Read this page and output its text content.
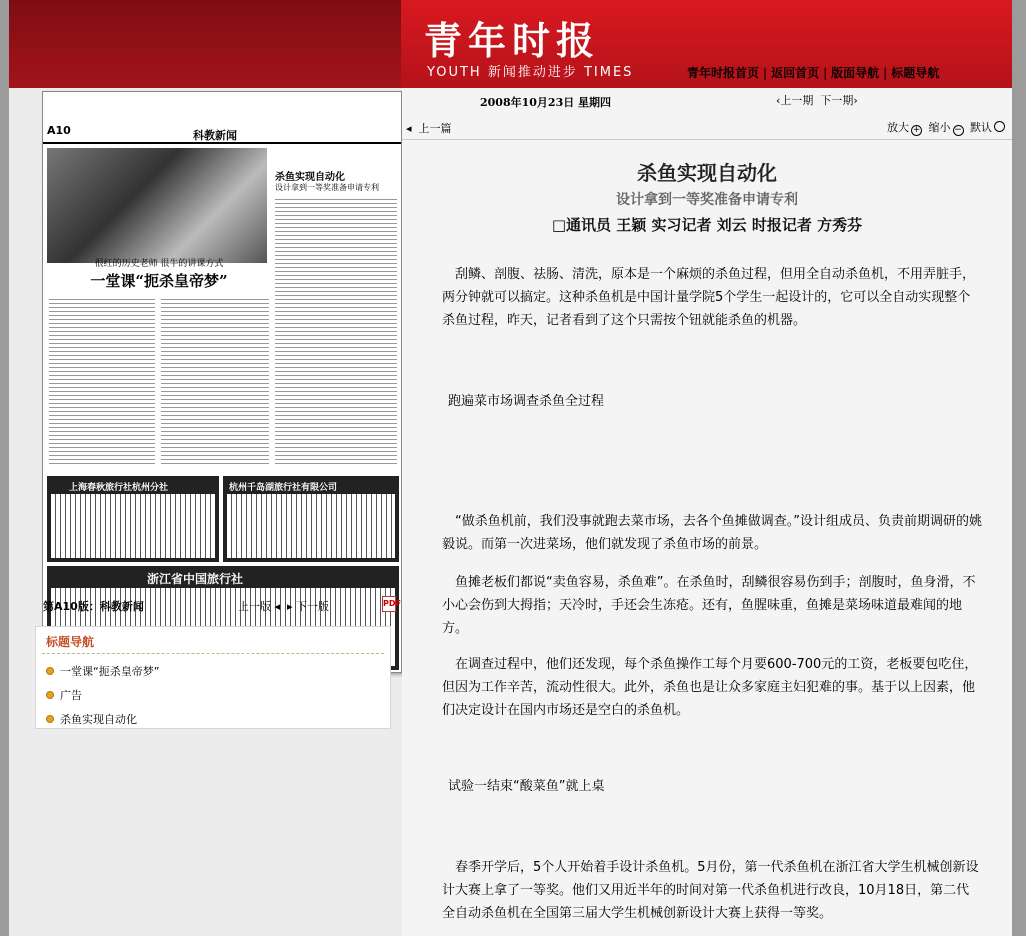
青年时报
YOUTH 新闻推动进步 TIMES	青年时报首页 | 返回首页 | 版面导航 | 标题导航
A10	科教新闻
很红的历史老师 很牛的讲课方式
一堂课“扼杀皇帝梦”
杀鱼实现自动化
设计拿到一等奖准备申请专利
上海春秋旅行社杭州分社	杭州千岛湖旅行社有限公司
浙江省中国旅行社
第A10版：科教新闻	上一版 ◂  ▸ 下一版	PDF
标题导航
一堂课“扼杀皇帝梦”
广告
杀鱼实现自动化
2008年10月23日 星期四	‹上一期 下一期›
◂  上一篇	放大 + 缩小 − 默认
杀鱼实现自动化
设计拿到一等奖准备申请专利
□通讯员 王颖 实习记者 刘云 时报记者 方秀芬
刮鳞、剖腹、祛肠、清洗，原本是一个麻烦的杀鱼过程，但用全自动杀鱼机，不用弄脏手，两分钟就可以搞定。这种杀鱼机是中国计量学院5个学生一起设计的，它可以全自动实现整个杀鱼过程，昨天，记者看到了这个只需按个钮就能杀鱼的机器。
跑遍菜市场调查杀鱼全过程
“做杀鱼机前，我们没事就跑去菜市场，去各个鱼摊做调查。”设计组成员、负责前期调研的姚毅说。而第一次进菜场，他们就发现了杀鱼市场的前景。
鱼摊老板们都说“卖鱼容易，杀鱼难”。在杀鱼时，刮鳞很容易伤到手；剖腹时，鱼身滑，不小心会伤到大拇指；天冷时，手还会生冻疮。还有，鱼腥味重，鱼摊是菜场味道最难闻的地方。
在调查过程中，他们还发现，每个杀鱼操作工每个月要600-700元的工资，老板要包吃住，但因为工作辛苦，流动性很大。此外，杀鱼也是让众多家庭主妇犯难的事。基于以上因素，他们决定设计在国内市场还是空白的杀鱼机。
试验一结束“酸菜鱼”就上桌
春季开学后，5个人开始着手设计杀鱼机。5月份，第一代杀鱼机在浙江省大学生机械创新设计大赛上拿了一等奖。他们又用近半年的时间对第一代杀鱼机进行改良，10月18日，第二代全自动杀鱼机在全国第三届大学生机械创新设计大赛上获得一等奖。
